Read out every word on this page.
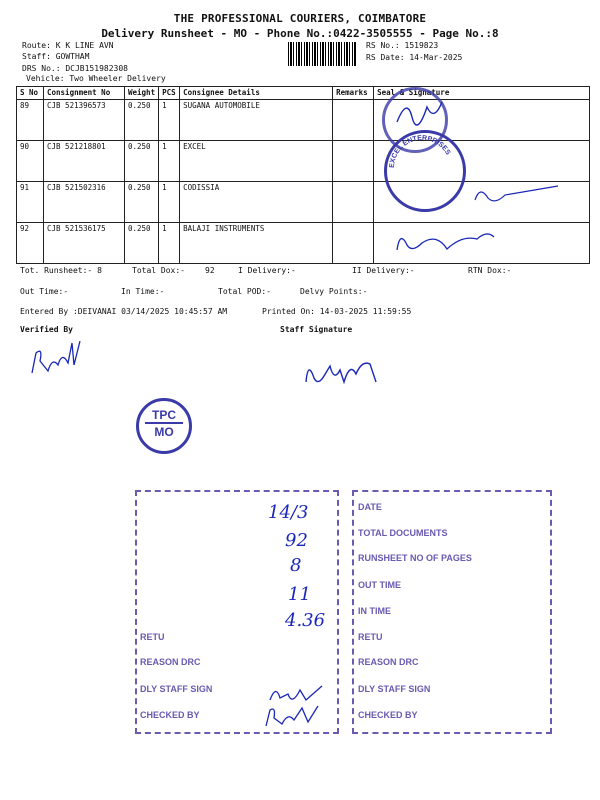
THE PROFESSIONAL COURIERS, COIMBATORE
Delivery Runsheet - MO - Phone No.:0422-3505555 - Page No.:8
Route: K K LINE AVN
Staff: GOWTHAM
DRS No.: DCJB151982308
Vehicle: Two Wheeler Delivery
RS No.: 1519823
RS Date: 14-Mar-2025
S No	Consignment No	Weight	PCS	Consignee Details	Remarks	Seal & Signature
89	CJB 521396573	0.250	1	SUGANA AUTOMOBILE		
90	CJB 521218801	0.250	1	EXCEL		
91	CJB 521502316	0.250	1	CODISSIA		
92	CJB 521536175	0.250	1	BALAJI INSTRUMENTS		
EXCEL ENTERPRISES
Tot. Runsheet:- 8	Total Dox:-	92	I Delivery:-	II Delivery:-	RTN Dox:-
Out Time:-	In Time:-	Total POD:-	Delvy Points:-
Entered By :DEIVANAI 03/14/2025 10:45:57 AM	Printed On: 14-03-2025 11:59:55
Verified By	Staff Signature
TPC
MO
RETU
REASON DRC
DLY STAFF SIGN
CHECKED BY
14/3
92
8
11
4.36
DATE
TOTAL DOCUMENTS
RUNSHEET NO OF PAGES
OUT TIME
IN TIME
RETU
REASON DRC
DLY STAFF SIGN
CHECKED BY
